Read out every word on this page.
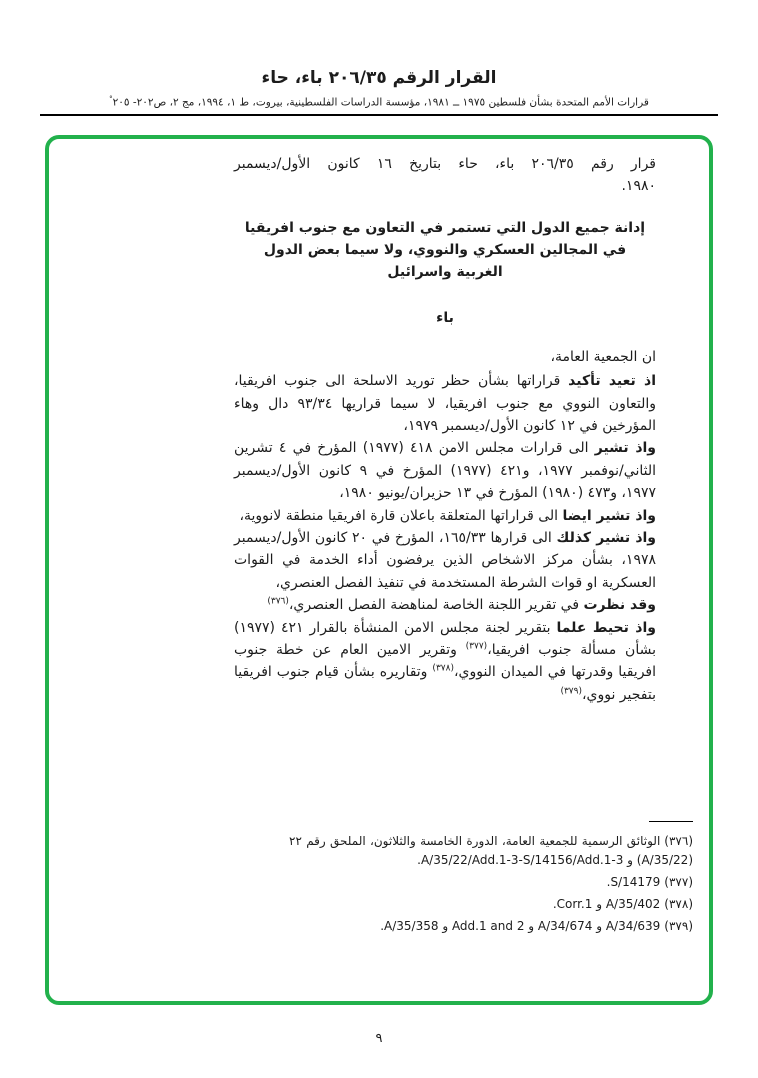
القرار الرقم ٢٠٦/٣٥ باء، حاء
قرارات الأمم المتحدة بشأن فلسطين ١٩٧٥ ــ ١٩٨١، مؤسسة الدراسات الفلسطينية، بيروت، ط ١، ١٩٩٤، مج ٢، ص٢٠٢- ٢٠٥°

قرار رقم ٢٠٦/٣٥ باء، حاء بتاريخ ١٦ كانون الأول/ديسمبر ١٩٨٠.

إدانة جميع الدول التي تستمر في التعاون مع جنوب افريقيا
في المجالين العسكري والنووي، ولا سيما بعض الدول
الغربية واسرائيل
باء

ان الجمعية العامة،

اذ تعيد تأكيد قراراتها بشأن حظر توريد الاسلحة الى جنوب افريقيا، والتعاون النووي مع جنوب افريقيا، لا سيما قراريها ٩٣/٣٤ دال وهاء المؤرخين في ١٢ كانون الأول/ديسمبر ١٩٧٩،

واذ تشير الى قرارات مجلس الامن ٤١٨ (١٩٧٧) المؤرخ في ٤ تشرين الثاني/نوفمبر ١٩٧٧، و٤٢١ (١٩٧٧) المؤرخ في ٩ كانون الأول/ديسمبر ١٩٧٧، و٤٧٣ (١٩٨٠) المؤرخ في ١٣ حزيران/يونيو ١٩٨٠،

واذ تشير ايضا الى قراراتها المتعلقة باعلان قارة افريقيا منطقة لانووية،

واذ تشير كذلك الى قرارها ١٦٥/٣٣، المؤرخ في ٢٠ كانون الأول/ديسمبر ١٩٧٨، بشأن مركز الاشخاص الذين يرفضون أداء الخدمة في القوات العسكرية او قوات الشرطة المستخدمة في تنفيذ الفصل العنصري،

وقد نظرت في تقرير اللجنة الخاصة لمناهضة الفصل العنصري،$^{(٣٧٦)}$

واذ تحيط علما بتقرير لجنة مجلس الامن المنشأة بالقرار ٤٢١ (١٩٧٧) بشأن مسألة جنوب افريقيا،$^{(٣٧٧)}$ وتقرير الامين العام عن خطة جنوب افريقيا وقدرتها في الميدان النووي،$^{(٣٧٨)}$ وتقاريره بشأن قيام جنوب افريقيا بتفجير نووي،$^{(٣٧٩)}$

(٣٧٦)الوثائق الرسمية للجمعية العامة، الدورة الخامسة والثلاثون، الملحق رقم ٢٢ (A/35/22) و A/35/22/Add.1-3-S/14156/Add.1-3.

(٣٧٧)S/14179.

(٣٧٨)A/35/402 و Corr.1.

(٣٧٩)A/34/639 و A/34/674 و Add.1 and 2 و A/35/358.

٩
